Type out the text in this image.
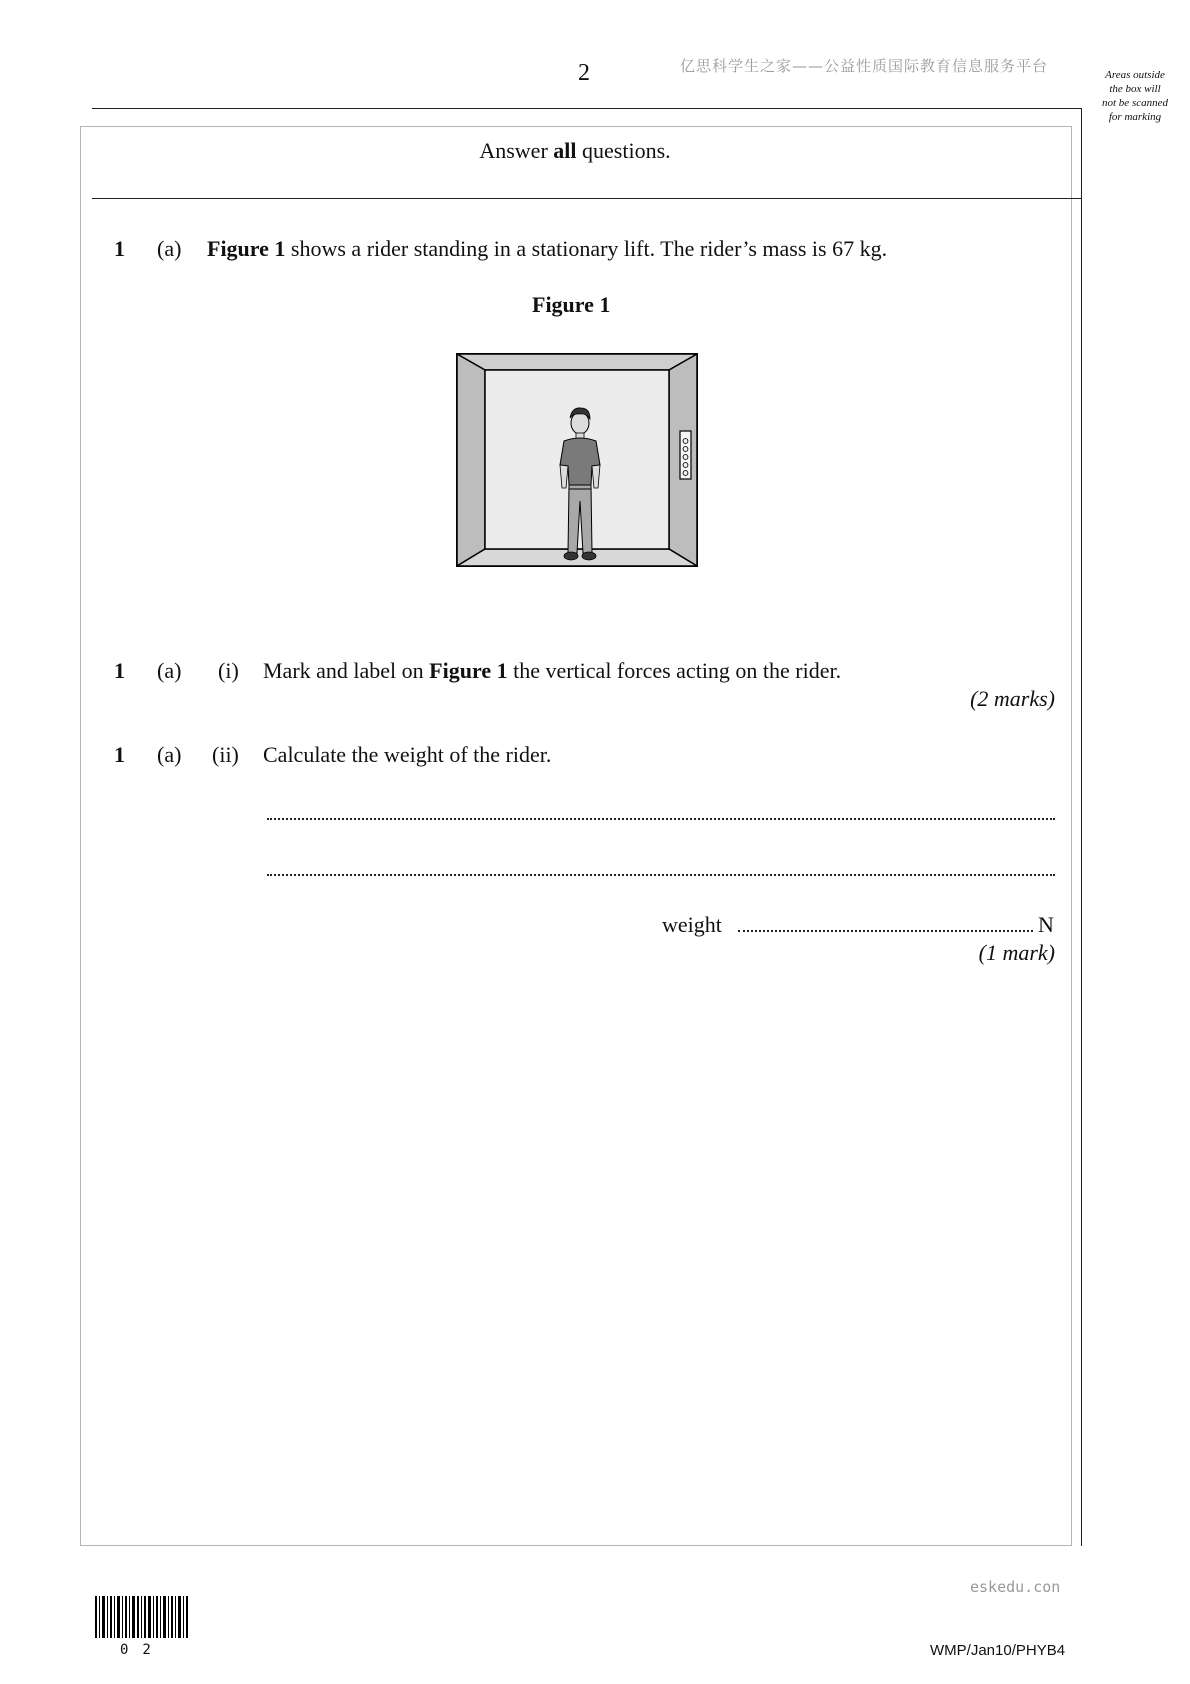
2	亿思科学生之家——公益性质国际教育信息服务平台	Areas outside
the box will
not be scanned
for marking
Answer all questions.
1 (a) Figure 1 shows a rider standing in a stationary lift. The rider’s mass is 67 kg.
Figure 1
1 (a) (i) Mark and label on Figure 1 the vertical forces acting on the rider.
(2 marks)
1 (a) (ii) Calculate the weight of the rider.
weight	N
(1 mark)
eskedu.con
02	WMP/Jan10/PHYB4
